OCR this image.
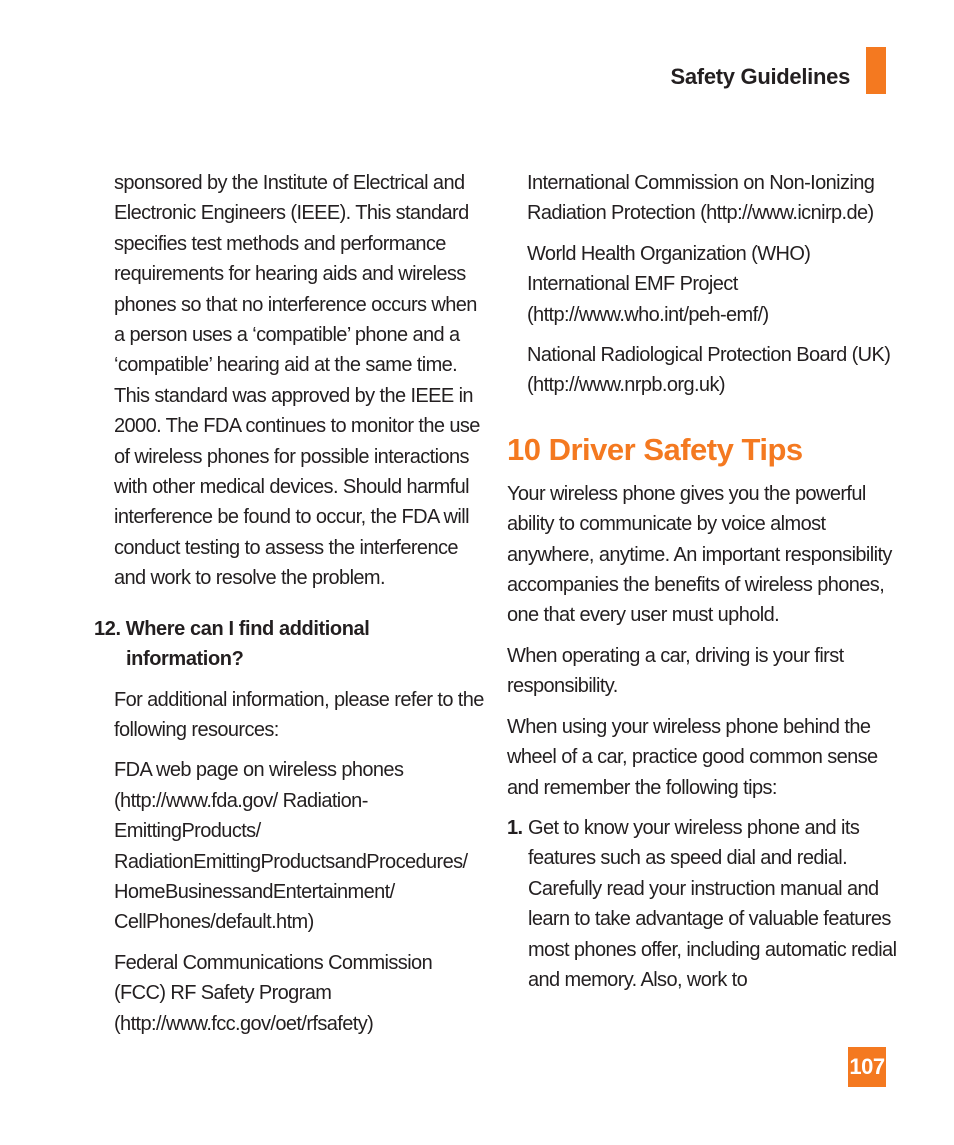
Safety Guidelines

sponsored by the Institute of Electrical and Electronic Engineers (IEEE). This standard specifies test methods and performance requirements for hearing aids and wireless phones so that no interference occurs when a person uses a ‘compatible’ phone and a ‘compatible’ hearing aid at the same time. This standard was approved by the IEEE in 2000. The FDA continues to monitor the use of wireless phones for possible interactions with other medical devices. Should harmful interference be found to occur, the FDA will conduct testing to assess the interference and work to resolve the problem.

12. Where can I find additional information?

For additional information, please refer to the following resources:

FDA web page on wireless phones (http://www.fda.gov/ Radiation-EmittingProducts/ RadiationEmittingProductsandProcedures/ HomeBusinessandEntertainment/ CellPhones/default.htm)

Federal Communications Commission (FCC) RF Safety Program (http://www.fcc.gov/oet/rfsafety)

International Commission on Non-Ionizing Radiation Protection (http://www.icnirp.de)

World Health Organization (WHO) International EMF Project (http://www.who.int/peh-emf/)

National Radiological Protection Board (UK) (http://www.nrpb.org.uk)

10 Driver Safety Tips

Your wireless phone gives you the powerful ability to communicate by voice almost anywhere, anytime. An important responsibility accompanies the benefits of wireless phones, one that every user must uphold.

When operating a car, driving is your first responsibility.

When using your wireless phone behind the wheel of a car, practice good common sense and remember the following tips:

1. Get to know your wireless phone and its features such as speed dial and redial. Carefully read your instruction manual and learn to take advantage of valuable features most phones offer, including automatic redial and memory. Also, work to
107
